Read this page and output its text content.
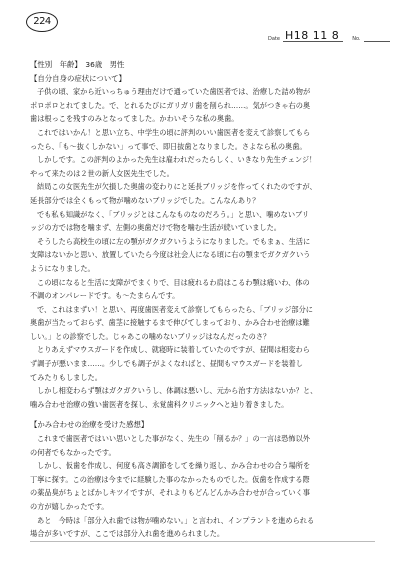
224
Date H18 11 8	No.
【性別　年齢】　36歳　男性
【自分自身の症状について】
子供の頃、家から近いっちゅう理由だけで通っていた歯医者では、治療した詰め物が
ポロポロとれてました。で、とれるたびにガリガリ歯を削られ……。気がつきゃ右の奥
歯は根っこを残すのみとなってました。かわいそうな私の奥歯。
これではいかん！と思い立ち、中学生の頃に評判のいい歯医者を変えて診察してもら
ったら、「も〜抜くしかない」って事で、即日抜歯となりました。さよなら私の奥歯。
しかしです。この評判のよかった先生は雇われだったらしく、いきなり先生チェンジ！
やって来たのは２世の新人女医先生でした。
結局この女医先生が欠損した奥歯の変わりにと延長ブリッジを作ってくれたのですが、
延長部分では全くもって物が噛めないブリッジでした。こんなんあり？
でも私も知識がなく、「ブリッジとはこんなものなのだろう。」と思い、噛めないブリ
ッジの方では物を噛まず、左側の奥歯だけで物を噛む生活が続いていました。
そうしたら高校生の頃に左の顎がガクガクいうようになりました。でもまぁ、生活に
支障はないかと思い、放置していたら今度は社会人になる頃に右の顎までガクガクいう
ようになりました。
この頃になると生活に支障がでまくりで、目は疲れるわ肩はこるわ顎は痛いわ、体の
不調のオンパレードです。も〜たまらんです。
で、これはまずい！と思い、再度歯医者変えて診察してもらったら、「ブリッジ部分に
奥歯が当たっておらず、歯茎に接触するまで伸びてしまっており、かみ合わせ治療は難
しい。」との診察でした。じゃあこの噛めないブリッジはなんだったのさ？
とりあえずマウスガードを作成し、就寝時に装着していたのですが、昼間は相変わら
ず調子が悪いまま……。少しでも調子がよくなればと、昼間もマウスガードを装着し
てみたりもしました。
しかし相変わらず顎はガクガクいうし、体調は悪いし、元から治す方法はないか？と、
噛み合わせ治療の強い歯医者を探し、永覚歯科クリニックへと辿り着きました。
【かみ合わせの治療を受けた感想】
これまで歯医者ではいい思いとした事がなく、先生の「削るか？」の一言は恐怖以外
の何者でもなかったです。
しかし、仮歯を作成し、何度も高さ調節をしてを繰り返し、かみ合わせの合う場所を
丁寧に探す。この治療は今までに経験した事のなかったものでした。仮歯を作成する際
の薬品臭がちょとばかしキツイですが、それよりもどんどんかみ合わせが合っていく事
の方が嬉しかったです。
あと　今時は「部分入れ歯では物が噛めない。」と言われ、インプラントを進められる
場合が多いですが、ここでは部分入れ歯を進められました。
